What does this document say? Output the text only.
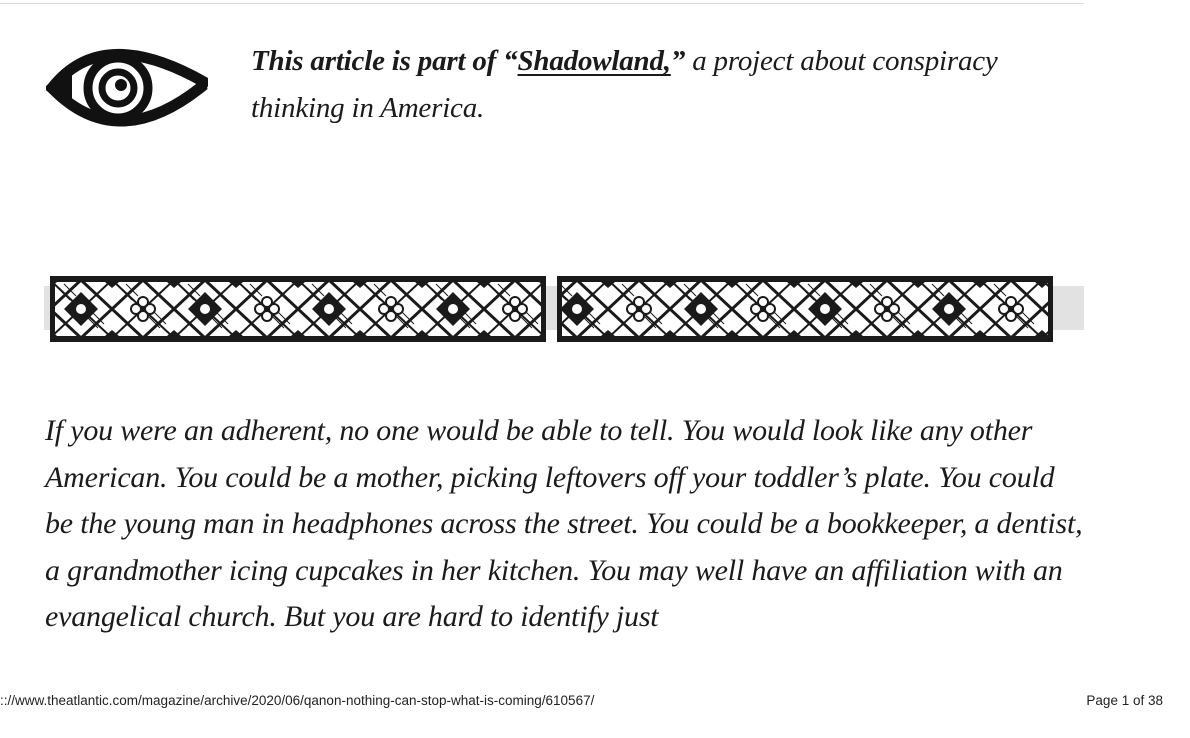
This article is part of “Shadowland,” a project about conspiracy thinking in America.
If you were an adherent, no one would be able to tell. You would look like any other American. You could be a mother, picking leftovers off your toddler’s plate. You could be the young man in headphones across the street. You could be a bookkeeper, a dentist, a grandmother icing cupcakes in her kitchen. You may well have an affiliation with an evangelical church. But you are hard to identify just
:://www.theatlantic.com/magazine/archive/2020/06/qanon-nothing-can-stop-what-is-coming/610567/	Page 1 of 38
